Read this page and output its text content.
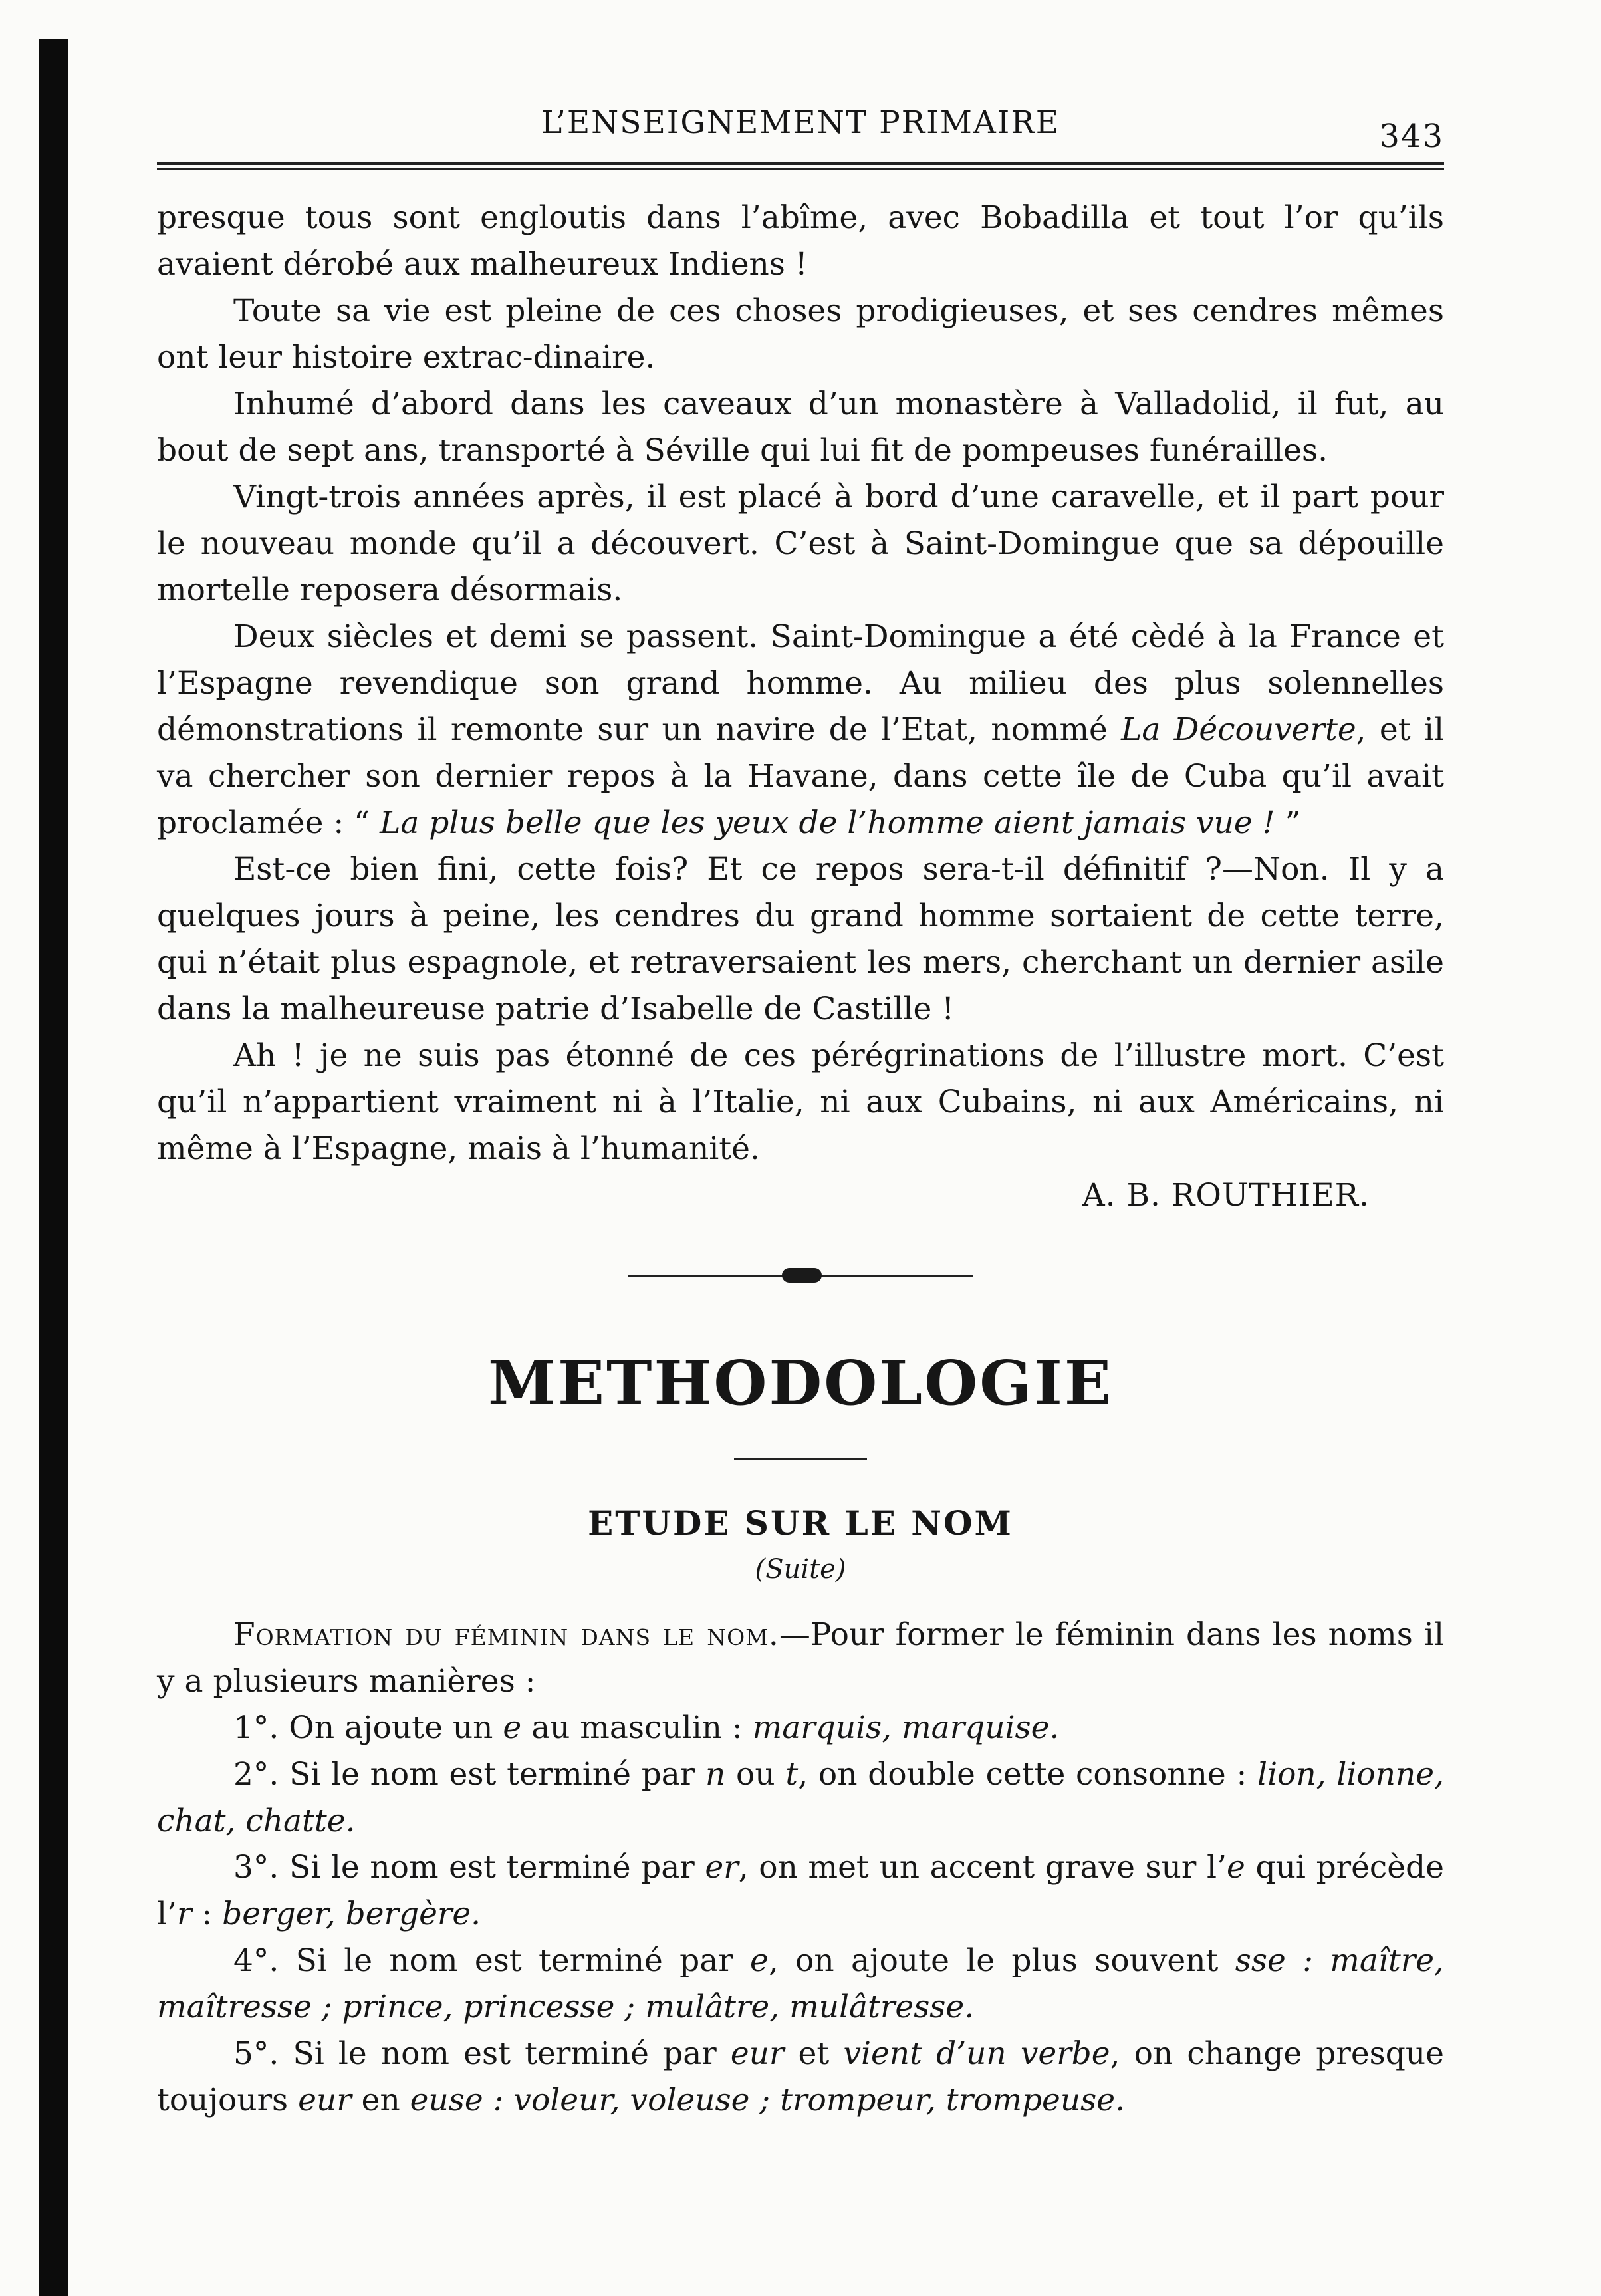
L’ENSEIGNEMENT PRIMAIRE	343

presque tous sont engloutis dans l’abîme, avec Bobadilla et tout l’or qu’ils avaient dérobé aux malheureux Indiens !

Toute sa vie est pleine de ces choses prodigieuses, et ses cendres mêmes ont leur histoire extrac‑dinaire.

Inhumé d’abord dans les caveaux d’un monastère à Valladolid, il fut, au bout de sept ans, transporté à Séville qui lui fit de pompeuses funérailles.

Vingt-trois années après, il est placé à bord d’une caravelle, et il part pour le nouveau monde qu’il a découvert. C’est à Saint-Domingue que sa dépouille mortelle reposera désormais.

Deux siècles et demi se passent. Saint-Domingue a été cèdé à la France et l’Espagne revendique son grand homme. Au milieu des plus solennelles démonstrations il remonte sur un navire de l’Etat, nommé La Découverte, et il va chercher son dernier repos à la Havane, dans cette île de Cuba qu’il avait proclamée : “ La plus belle que les yeux de l’homme aient jamais vue ! ”

Est-ce bien fini, cette fois? Et ce repos sera-t-il définitif ?—Non. Il y a quelques jours à peine, les cendres du grand homme sortaient de cette terre, qui n’était plus espagnole, et retraversaient les mers, cherchant un dernier asile dans la malheureuse patrie d’Isabelle de Castille !

Ah ! je ne suis pas étonné de ces pérégrinations de l’illustre mort. C’est qu’il n’appartient vraiment ni à l’Italie, ni aux Cubains, ni aux Américains, ni même à l’Espagne, mais à l’humanité.

A. B. ROUTHIER.

METHODOLOGIE
ETUDE SUR LE NOM
(Suite)

Formation du féminin dans le nom.—Pour former le féminin dans les noms il y a plusieurs manières :

1°. On ajoute un e au masculin : marquis, marquise.

2°. Si le nom est terminé par n ou t, on double cette consonne : lion, lionne, chat, chatte.

3°. Si le nom est terminé par er, on met un accent grave sur l’e qui précède l’r : berger, bergère.

4°. Si le nom est terminé par e, on ajoute le plus souvent sse : maître, maîtresse ; prince, princesse ; mulâtre, mulâtresse.

5°. Si le nom est terminé par eur et vient d’un verbe, on change presque toujours eur en euse : voleur, voleuse ; trompeur, trompeuse.
